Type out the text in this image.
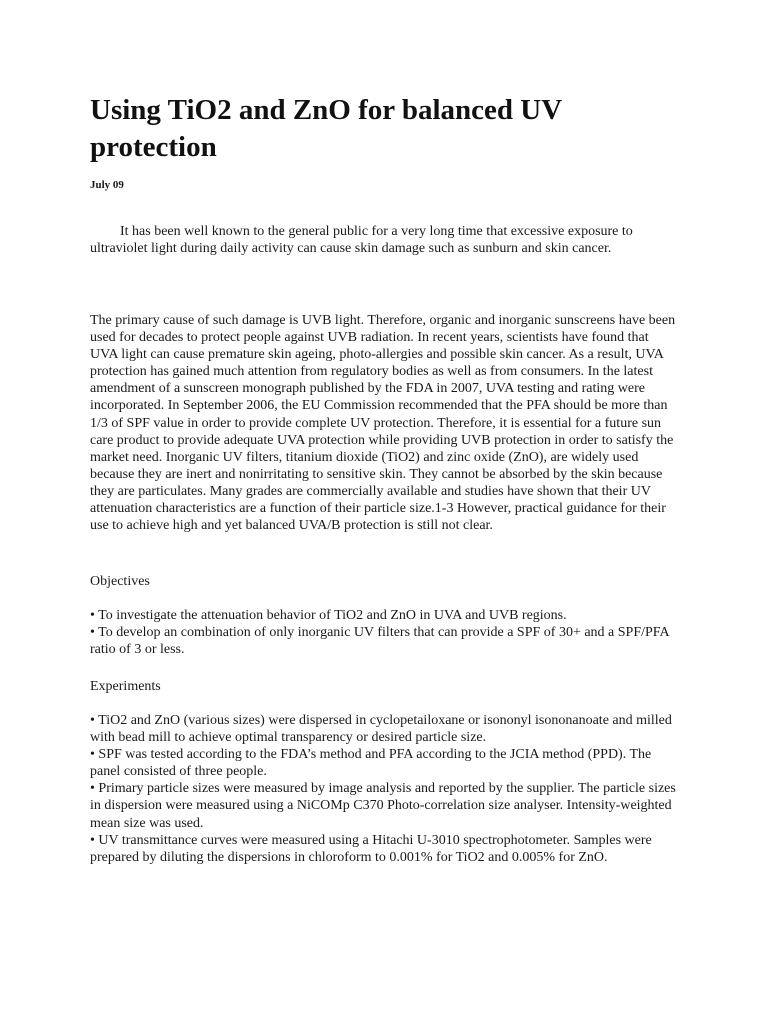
Using TiO2 and ZnO for balanced UV protection

July 09

It has been well known to the general public for a very long time that excessive exposure to ultraviolet light during daily activity can cause skin damage such as sunburn and skin cancer.

The primary cause of such damage is UVB light. Therefore, organic and inorganic sunscreens have been used for decades to protect people against UVB radiation. In recent years, scientists have found that UVA light can cause premature skin ageing, photo-allergies and possible skin cancer. As a result, UVA protection has gained much attention from regulatory bodies as well as from consumers. In the latest amendment of a sunscreen monograph published by the FDA in 2007, UVA testing and rating were incorporated. In September 2006, the EU Commission recommended that the PFA should be more than 1/3 of SPF value in order to provide complete UV protection. Therefore, it is essential for a future sun care product to provide adequate UVA protection while providing UVB protection in order to satisfy the market need. Inorganic UV filters, titanium dioxide (TiO2) and zinc oxide (ZnO), are widely used because they are inert and nonirritating to sensitive skin. They cannot be absorbed by the skin because they are particulates. Many grades are commercially available and studies have shown that their UV attenuation characteristics are a function of their particle size.1-3 However, practical guidance for their use to achieve high and yet balanced UVA/B protection is still not clear.

Objectives

• To investigate the attenuation behavior of TiO2 and ZnO in UVA and UVB regions.
• To develop an combination of only inorganic UV filters that can provide a SPF of 30+ and a SPF/PFA ratio of 3 or less.

Experiments

• TiO2 and ZnO (various sizes) were dispersed in cyclopetailoxane or isononyl isononanoate and milled with bead mill to achieve optimal transparency or desired particle size.
• SPF was tested according to the FDA’s method and PFA according to the JCIA method (PPD). The panel consisted of three people.
• Primary particle sizes were measured by image analysis and reported by the supplier. The particle sizes in dispersion were measured using a NiCOMp C370 Photo-correlation size analyser. Intensity-weighted mean size was used.
• UV transmittance curves were measured using a Hitachi U-3010 spectrophotometer. Samples were prepared by diluting the dispersions in chloroform to 0.001% for TiO2 and 0.005% for ZnO.
